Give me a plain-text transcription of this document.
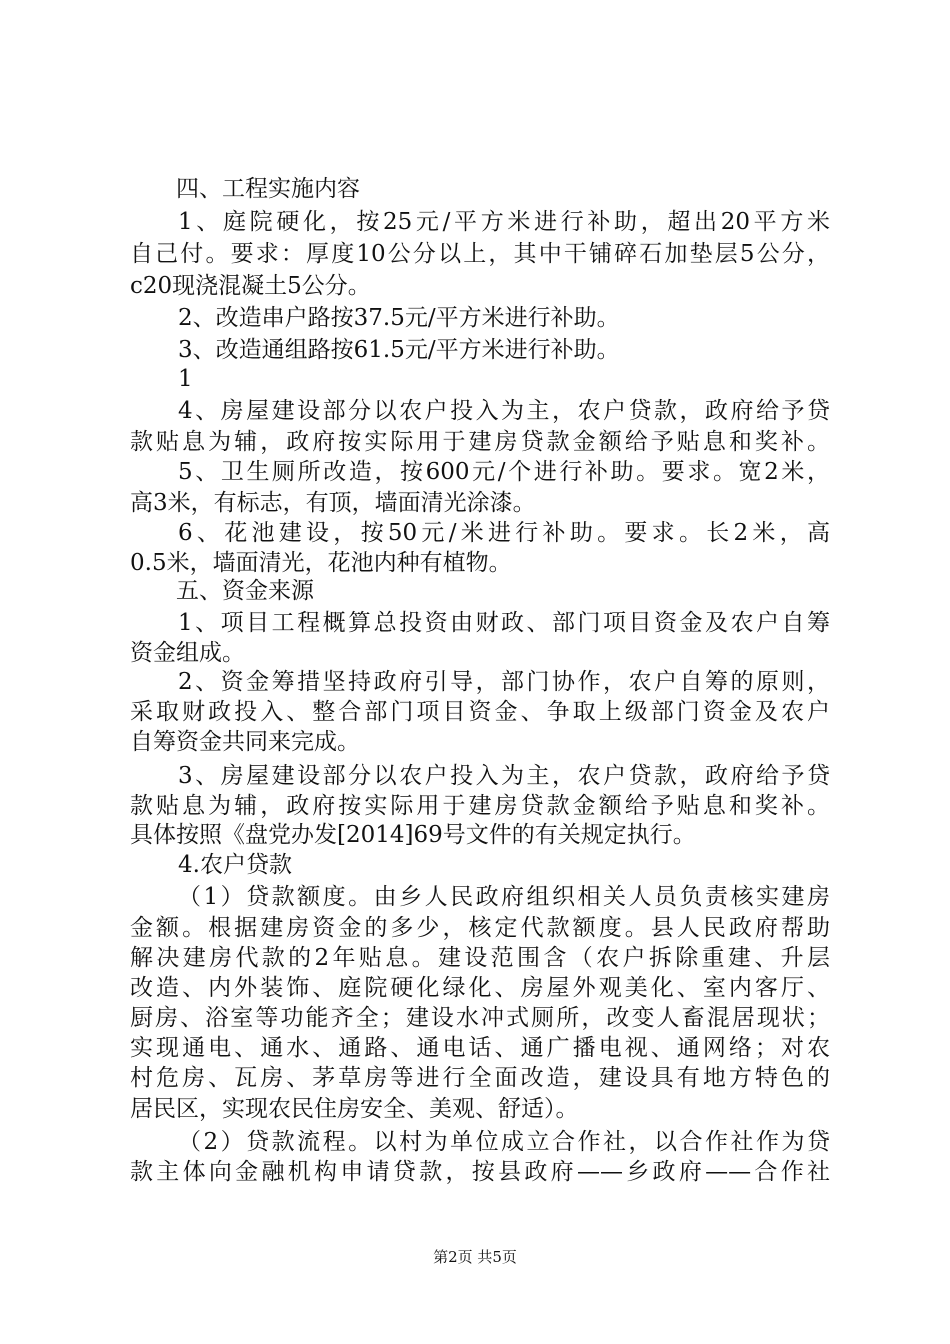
四、工程实施内容
1、庭院硬化，按25元/平方米进行补助，超出20平方米
自己付。要求：厚度10公分以上，其中干铺碎石加垫层5公分，
c20现浇混凝土5公分。
2、改造串户路按37.5元/平方米进行补助。
3、改造通组路按61.5元/平方米进行补助。
1
4、房屋建设部分以农户投入为主，农户贷款，政府给予贷
款贴息为辅，政府按实际用于建房贷款金额给予贴息和奖补。
5、卫生厕所改造，按600元/个进行补助。要求。宽2米，
高3米，有标志，有顶，墙面清光涂漆。
6、花池建设，按50元/米进行补助。要求。长2米，高
0.5米，墙面清光，花池内种有植物。
五、资金来源
1、项目工程概算总投资由财政、部门项目资金及农户自筹
资金组成。
2、资金筹措坚持政府引导，部门协作，农户自筹的原则，
采取财政投入、整合部门项目资金、争取上级部门资金及农户
自筹资金共同来完成。
3、房屋建设部分以农户投入为主，农户贷款，政府给予贷
款贴息为辅，政府按实际用于建房贷款金额给予贴息和奖补。
具体按照《盘党办发[2014]69号文件的有关规定执行。
4.农户贷款
（1）贷款额度。由乡人民政府组织相关人员负责核实建房
金额。根据建房资金的多少，核定代款额度。县人民政府帮助
解决建房代款的2年贴息。建设范围含（农户拆除重建、升层
改造、内外装饰、庭院硬化绿化、房屋外观美化、室内客厅、
厨房、浴室等功能齐全；建设水冲式厕所，改变人畜混居现状；
实现通电、通水、通路、通电话、通广播电视、通网络；对农
村危房、瓦房、茅草房等进行全面改造，建设具有地方特色的
居民区，实现农民住房安全、美观、舒适）。
（2）贷款流程。以村为单位成立合作社，以合作社作为贷
款主体向金融机构申请贷款，按县政府——乡政府——合作社
第2页 共5页
